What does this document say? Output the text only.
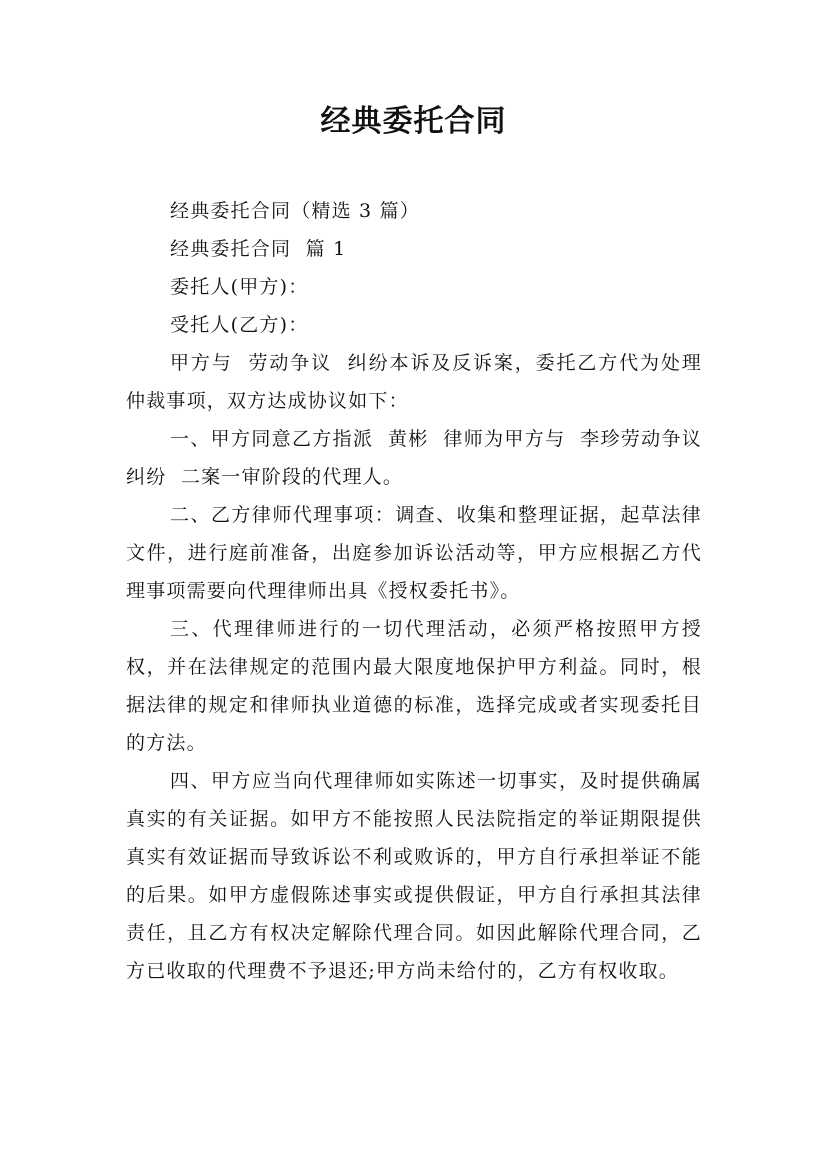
经典委托合同

经典委托合同（精选 3 篇）

经典委托合同  篇 1

委托人(甲方)：

受托人(乙方)：

甲方与  劳动争议  纠纷本诉及反诉案，委托乙方代为处理仲裁事项，双方达成协议如下：

一、甲方同意乙方指派  黄彬  律师为甲方与  李珍劳动争议纠纷  二案一审阶段的代理人。

二、乙方律师代理事项：调查、收集和整理证据，起草法律文件，进行庭前准备，出庭参加诉讼活动等，甲方应根据乙方代理事项需要向代理律师出具《授权委托书》。

三、代理律师进行的一切代理活动，必须严格按照甲方授权，并在法律规定的范围内最大限度地保护甲方利益。同时，根据法律的规定和律师执业道德的标准，选择完成或者实现委托目的方法。

四、甲方应当向代理律师如实陈述一切事实，及时提供确属真实的有关证据。如甲方不能按照人民法院指定的举证期限提供真实有效证据而导致诉讼不利或败诉的，甲方自行承担举证不能的后果。如甲方虚假陈述事实或提供假证，甲方自行承担其法律责任，且乙方有权决定解除代理合同。如因此解除代理合同，乙方已收取的代理费不予退还;甲方尚未给付的，乙方有权收取。
